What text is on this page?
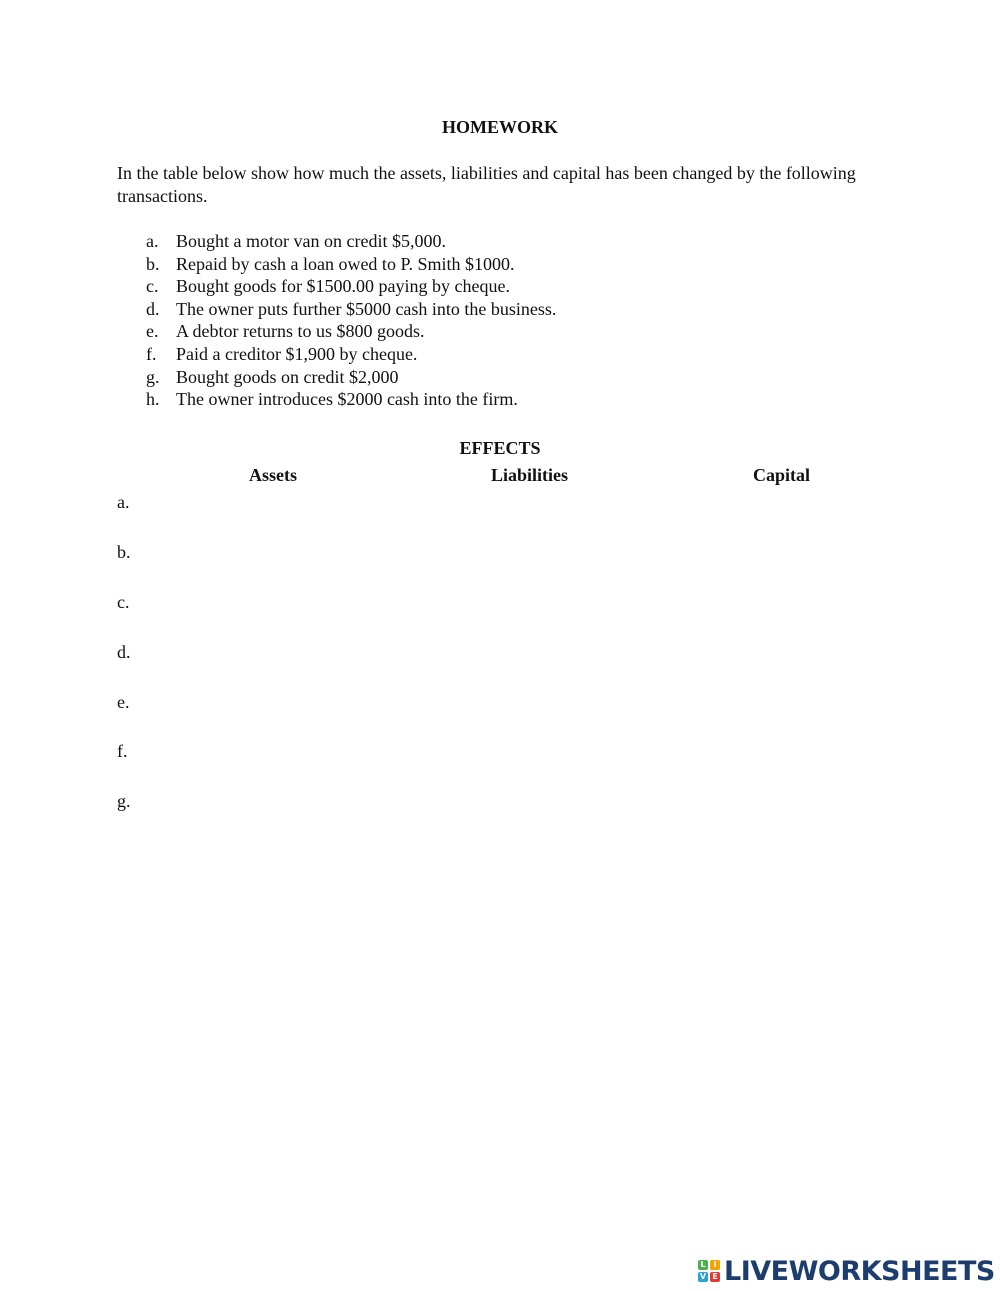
HOMEWORK
In the table below show how much the assets, liabilities and capital has been changed by the following transactions.
a. Bought a motor van on credit $5,000.
b. Repaid by cash a loan owed to P. Smith $1000.
c. Bought goods for $1500.00 paying by cheque.
d. The owner puts further $5000 cash into the business.
e. A debtor returns to us $800 goods.
f. Paid a creditor $1,900 by cheque.
g. Bought goods on credit $2,000
h. The owner introduces $2000 cash into the firm.
EFFECTS
Assets	Liabilities	Capital
a.
b.
c.
d.
e.
f.
g.
L I
V E LIVEWORKSHEETS
